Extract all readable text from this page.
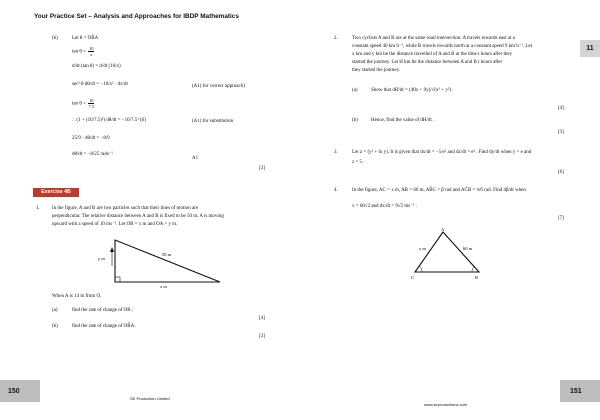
Your Practice Set – Analysis and Approaches for IBDP Mathematics
11
(b)	Let θ = OB̂A
$\tan \theta = \frac{10}{x}$
d/dt (tan θ) = d/dt (10/x)
sec² θ dθ/dt = −10/x² · dx/dt	(A1) for correct approach)
$\tan \theta = \frac{10}{7.5}$
∴ (1 + (10/7.5)²) dθ/dt = −10/7.5² (6)	(A1) for substitution
25/9 · dθ/dt = −8/9
dθ/dt = −8/25 rads⁻¹
A1
[3]
Exercise 4B
1. In the figure, A and B are two particles such that their lines of motion are
perpendicular. The relative distance between A and B is fixed to be 50 m. A is moving
upward with a speed of 10 ms⁻¹. Let OB = x m and OA = y m.
y m
50 m
x m
When A is 14 m from O,
(a)	find the rate of change of OB ;
[4]
(b)	find the rate of change of OB̂A .
[3]
150
SE Production Limited
2.	Two cyclists A and B are at the same road intersection. A travels towards east at a
constant speed 40 km h⁻¹, while B travels towards north at a constant speed 9 km h⁻¹. Let
x km and y km be the distance travelled of A and B at the time t hours after they
started the journey. Let H km be the distance between A and B t hours after
they started the journey.
(a)	Show that dH/dt = (40x + 9y)/√(x² + y²) .
[4]
(b)	Hence, find the value of dH/dt .
[3]
3.	Let z = (y² + ln y). It is given that dx/dt = −5/e² and dz/dt = e² . Find dy/dt when y = e and
z = 5 .
[6]
4.	In the figure, AC = x m, AB = 60 m, AB̂C = β rad and AĈB = π/6 rad. Find dβ/dt when
x = 60√2 and dx/dt = 9√2 ms⁻¹ .
[7]
A
x m	60 m
B
C
151
www.seproductions.com
